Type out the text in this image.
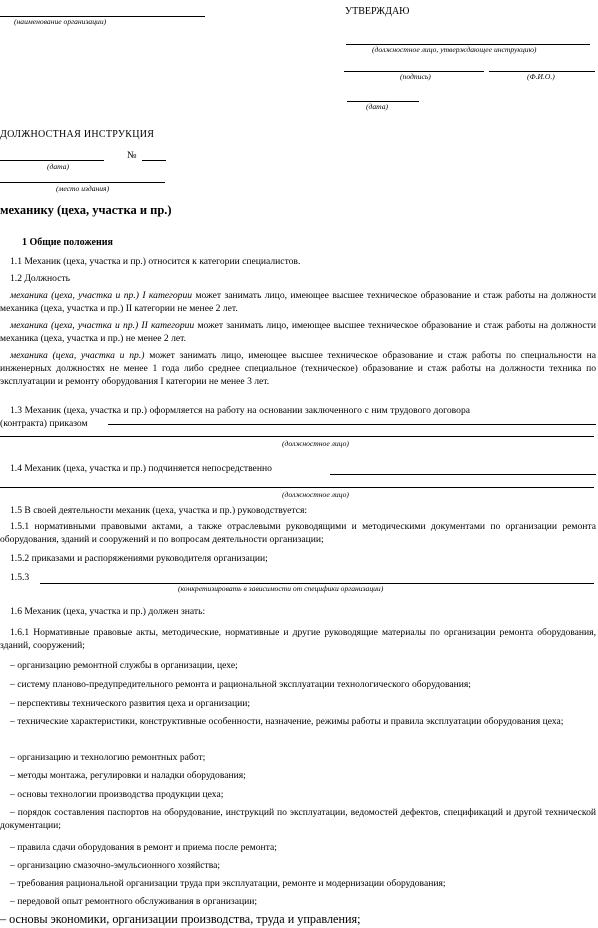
(наименование организации)
УТВЕРЖДАЮ
(должностное лицо, утверждающее инструкцию)
(подпись)	(Ф.И.О.)
(дата)
ДОЛЖНОСТНАЯ ИНСТРУКЦИЯ
№
(дата)
(место издания)
механику (цеха, участка и пр.)
1 Общие положения
1.1 Механик (цеха, участка и пр.) относится к категории специалистов.
1.2 Должность
механика (цеха, участка и пр.) I категории может занимать лицо, имеющее высшее техническое образование и стаж работы на должности механика (цеха, участка и пр.) II категории не менее 2 лет.
механика (цеха, участка и пр.) II категории может занимать лицо, имеющее высшее техническое образование и стаж работы на должности механика (цеха, участка и пр.) не менее 2 лет.
механика (цеха, участка и пр.) может занимать лицо, имеющее высшее техническое образование и стаж работы по специальности на инженерных должностях не менее 1 года либо среднее специальное (техническое) образование и стаж работы на должности техника по эксплуатации и ремонту оборудования I категории не менее 3 лет.
1.3 Механик (цеха, участка и пр.) оформляется на работу на основании заключенного с ним трудового договора (контракта) приказом
(должностное лицо)
1.4 Механик (цеха, участка и пр.) подчиняется непосредственно
(должностное лицо)
1.5 В своей деятельности механик (цеха, участка и пр.) руководствуется:
1.5.1 нормативными правовыми актами, а также отраслевыми руководящими и методическими документами по организации ремонта оборудования, зданий и сооружений и по вопросам деятельности организации;
1.5.2 приказами и распоряжениями руководителя организации;
1.5.3
(конкретизировать в зависимости от специфики организации)
1.6 Механик (цеха, участка и пр.) должен знать:
1.6.1 Нормативные правовые акты, методические, нормативные и другие руководящие материалы по организации ремонта оборудования, зданий, сооружений;
– организацию ремонтной службы в организации, цехе;
– систему планово-предупредительного ремонта и рациональной эксплуатации технологического оборудования;
– перспективы технического развития цеха и организации;
– технические характеристики, конструктивные особенности, назначение, режимы работы и правила эксплуатации оборудования цеха;
– организацию и технологию ремонтных работ;
– методы монтажа, регулировки и наладки оборудования;
– основы технологии производства продукции цеха;
– порядок составления паспортов на оборудование, инструкций по эксплуатации, ведомостей дефектов, спецификаций и другой технической документации;
– правила сдачи оборудования в ремонт и приема после ремонта;
– организацию смазочно-эмульсионного хозяйства;
– требования рациональной организации труда при эксплуатации, ремонте и модернизации оборудования;
– передовой опыт ремонтного обслуживания в организации;
– основы экономики, организации производства, труда и управления;
